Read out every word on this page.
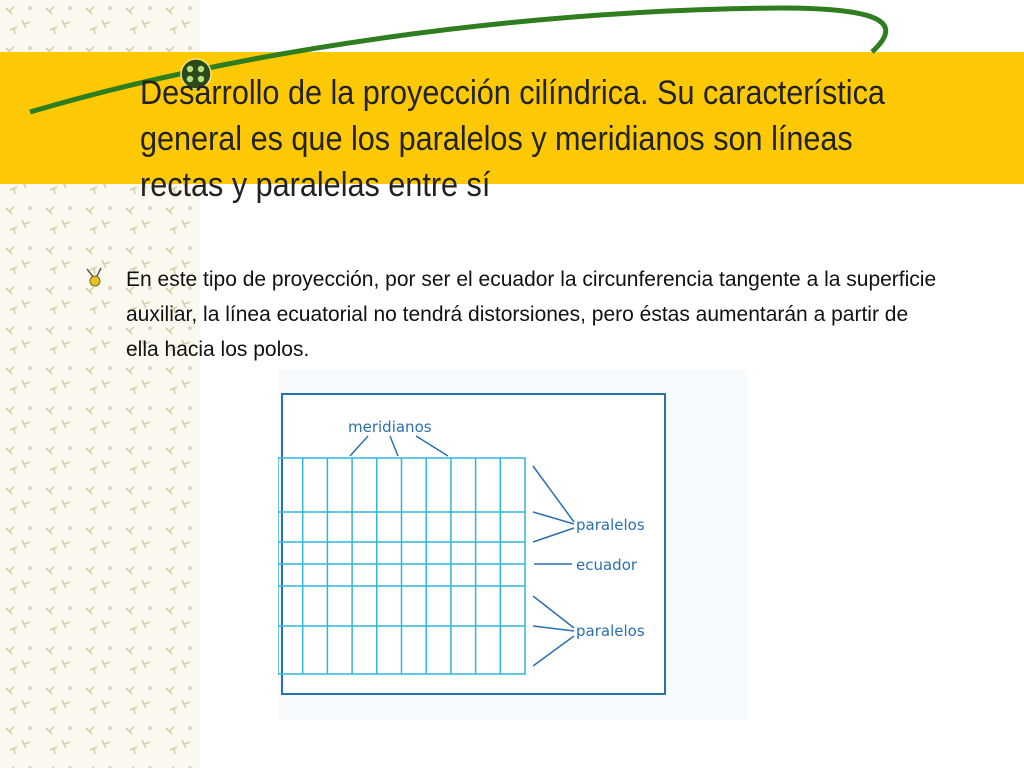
Desarrollo de la proyección cilíndrica. Su característica general es que los paralelos y meridianos son líneas rectas y paralelas entre sí

En este tipo de proyección, por ser el ecuador la circunferencia tangente a la superficie auxiliar, la línea ecuatorial no tendrá distorsiones, pero éstas aumentarán a partir de ella hacia los polos.

meridianos
paralelos
ecuador
paralelos
